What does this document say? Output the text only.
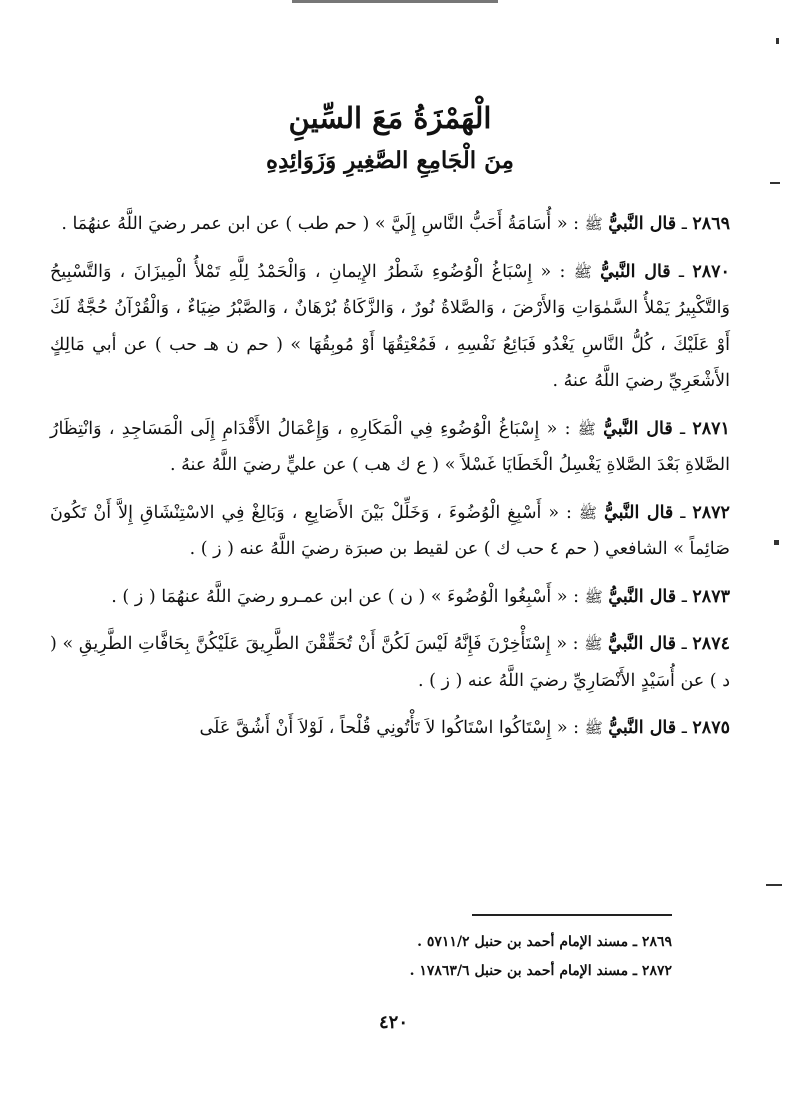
الْهَمْزَةُ مَعَ السِّينِ
مِنَ الْجَامِعِ الصَّغِيرِ وَزَوَائِدِهِ

٢٨٦٩ ـ قال النَّبيُّ ﷺ : « أُسَامَةُ أَحَبُّ النَّاسِ إِلَيَّ » ( حم طب ) عن ابن عمر رضيَ اللَّهُ عنهُمَا .

٢٨٧٠ ـ قال النَّبيُّ ﷺ : « إِسْبَاغُ الْوُضُوءِ شَطْرُ الإِيمانِ ، وَالْحَمْدُ لِلَّهِ تَمْلأُ الْمِيزَانَ ، وَالتَّسْبِيحُ وَالتَّكْبِيرُ يَمْلأُ السَّمٰوَاتِ وَالأَرْضَ ، وَالصَّلاةُ نُورٌ ، وَالزَّكَاةُ بُرْهَانٌ ، وَالصَّبْرُ ضِيَاءٌ ، وَالْقُرْآنُ حُجَّةٌ لَكَ أَوْ عَلَيْكَ ، كُلُّ النَّاسِ يَغْدُو فَبَائِعُ نَفْسِهِ ، فَمُعْتِقُهَا أَوْ مُوبِقُهَا » ( حم ن هـ حب ) عن أبي مَالِكٍ الأَشْعَرِيِّ رضيَ اللَّهُ عنهُ .

٢٨٧١ ـ قال النَّبيُّ ﷺ : « إِسْبَاغُ الْوُضُوءِ فِي الْمَكَارِهِ ، وَإِعْمَالُ الأَقْدَامِ إِلَى الْمَسَاجِدِ ، وَانْتِظَارُ الصَّلاةِ بَعْدَ الصَّلاةِ يَغْسِلُ الْخَطَايَا غَسْلاً » ( ع ك هب ) عن عليٍّ رضيَ اللَّهُ عنهُ .

٢٨٧٢ ـ قال النَّبيُّ ﷺ : « أَسْبِغِ الْوُضُوءَ ، وَخَلِّلْ بَيْنَ الأَصَابِعِ ، وَبَالِغْ فِي الاسْتِنْشَاقِ إِلاَّ أَنْ تَكُونَ صَائِماً » الشافعي ( حم ٤ حب ك ) عن لقيط بن صبرَة رضيَ اللَّهُ عنه ( ز ) .

٢٨٧٣ ـ قال النَّبيُّ ﷺ : « أَسْبِغُوا الْوُضُوءَ » ( ن ) عن ابن عمـرو رضيَ اللَّهُ عنهُمَا ( ز ) .

٢٨٧٤ ـ قال النَّبيُّ ﷺ : « إِسْتَأْخِرْنَ فَإِنَّهُ لَيْسَ لَكُنَّ أَنْ تُحَقِّقْنَ الطَّرِيقَ عَلَيْكُنَّ بِحَافَّاتِ الطَّرِيقِ » ( د ) عن أُسَيْدٍ الأَنْصَارِيِّ رضيَ اللَّهُ عنه ( ز ) .

٢٨٧٥ ـ قال النَّبيُّ ﷺ : « إِسْتَاكُوا اسْتَاكُوا لاَ تَأْتُونِي قُلْحاً ، لَوْلاَ أَنْ أَشُقَّ عَلَى

٢٨٦٩ ـ مسند الإمام أحمد بن حنبل ٥٧١١/٢ .

٢٨٧٢ ـ مسند الإمام أحمد بن حنبل ١٧٨٦٣/٦ .

٤٢٠
